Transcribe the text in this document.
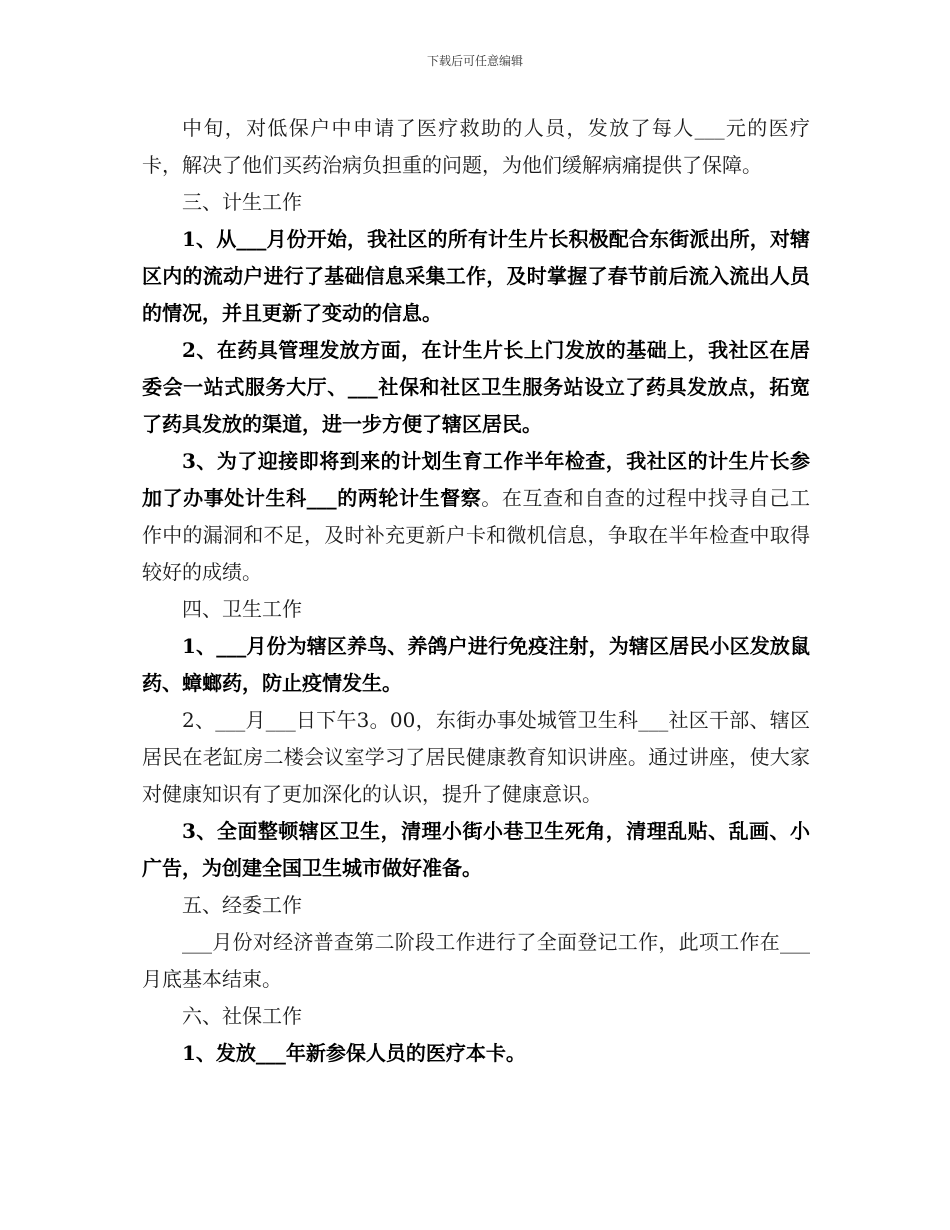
下载后可任意编辑

中旬，对低保户中申请了医疗救助的人员，发放了每人___元的医疗卡，解决了他们买药治病负担重的问题，为他们缓解病痛提供了保障。

三、计生工作

1、从___月份开始，我社区的所有计生片长积极配合东街派出所，对辖区内的流动户进行了基础信息采集工作，及时掌握了春节前后流入流出人员的情况，并且更新了变动的信息。

2、在药具管理发放方面，在计生片长上门发放的基础上，我社区在居委会一站式服务大厅、___社保和社区卫生服务站设立了药具发放点，拓宽了药具发放的渠道，进一步方便了辖区居民。

3、为了迎接即将到来的计划生育工作半年检查，我社区的计生片长参加了办事处计生科___的两轮计生督察。在互查和自查的过程中找寻自己工作中的漏洞和不足，及时补充更新户卡和微机信息，争取在半年检查中取得较好的成绩。

四、卫生工作

1、___月份为辖区养鸟、养鸽户进行免疫注射，为辖区居民小区发放鼠药、蟑螂药，防止疫情发生。

2、___月___日下午3。00，东街办事处城管卫生科___社区干部、辖区居民在老缸房二楼会议室学习了居民健康教育知识讲座。通过讲座，使大家对健康知识有了更加深化的认识，提升了健康意识。

3、全面整顿辖区卫生，清理小街小巷卫生死角，清理乱贴、乱画、小广告，为创建全国卫生城市做好准备。

五、经委工作

___月份对经济普查第二阶段工作进行了全面登记工作，此项工作在___月底基本结束。

六、社保工作

1、发放___年新参保人员的医疗本卡。
